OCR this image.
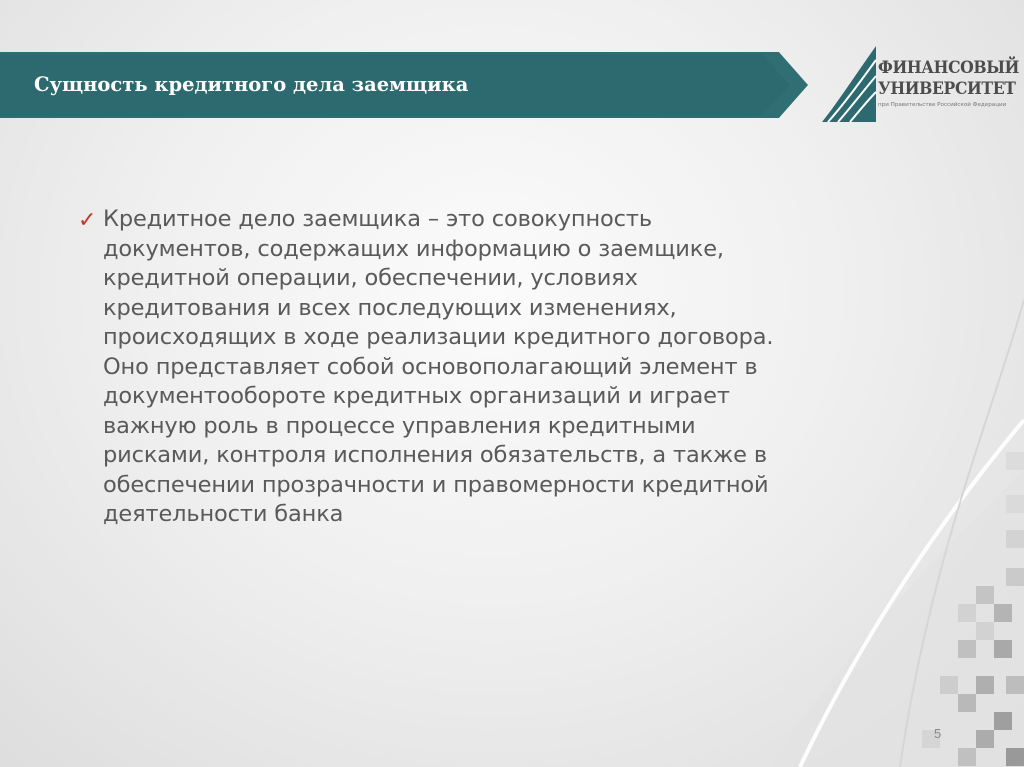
Сущность кредитного дела заемщика
ФИНАНСОВЫЙ
УНИВЕРСИТЕТ
при Правительстве Российской Федерации
✓ Кредитное дело заемщика – это совокупность
документов, содержащих информацию о заемщике,
кредитной операции, обеспечении, условиях
кредитования и всех последующих изменениях,
происходящих в ходе реализации кредитного договора.
Оно представляет собой основополагающий элемент в
документообороте кредитных организаций и играет
важную роль в процессе управления кредитными
рисками, контроля исполнения обязательств, а также в
обеспечении прозрачности и правомерности кредитной
деятельности банка
5
